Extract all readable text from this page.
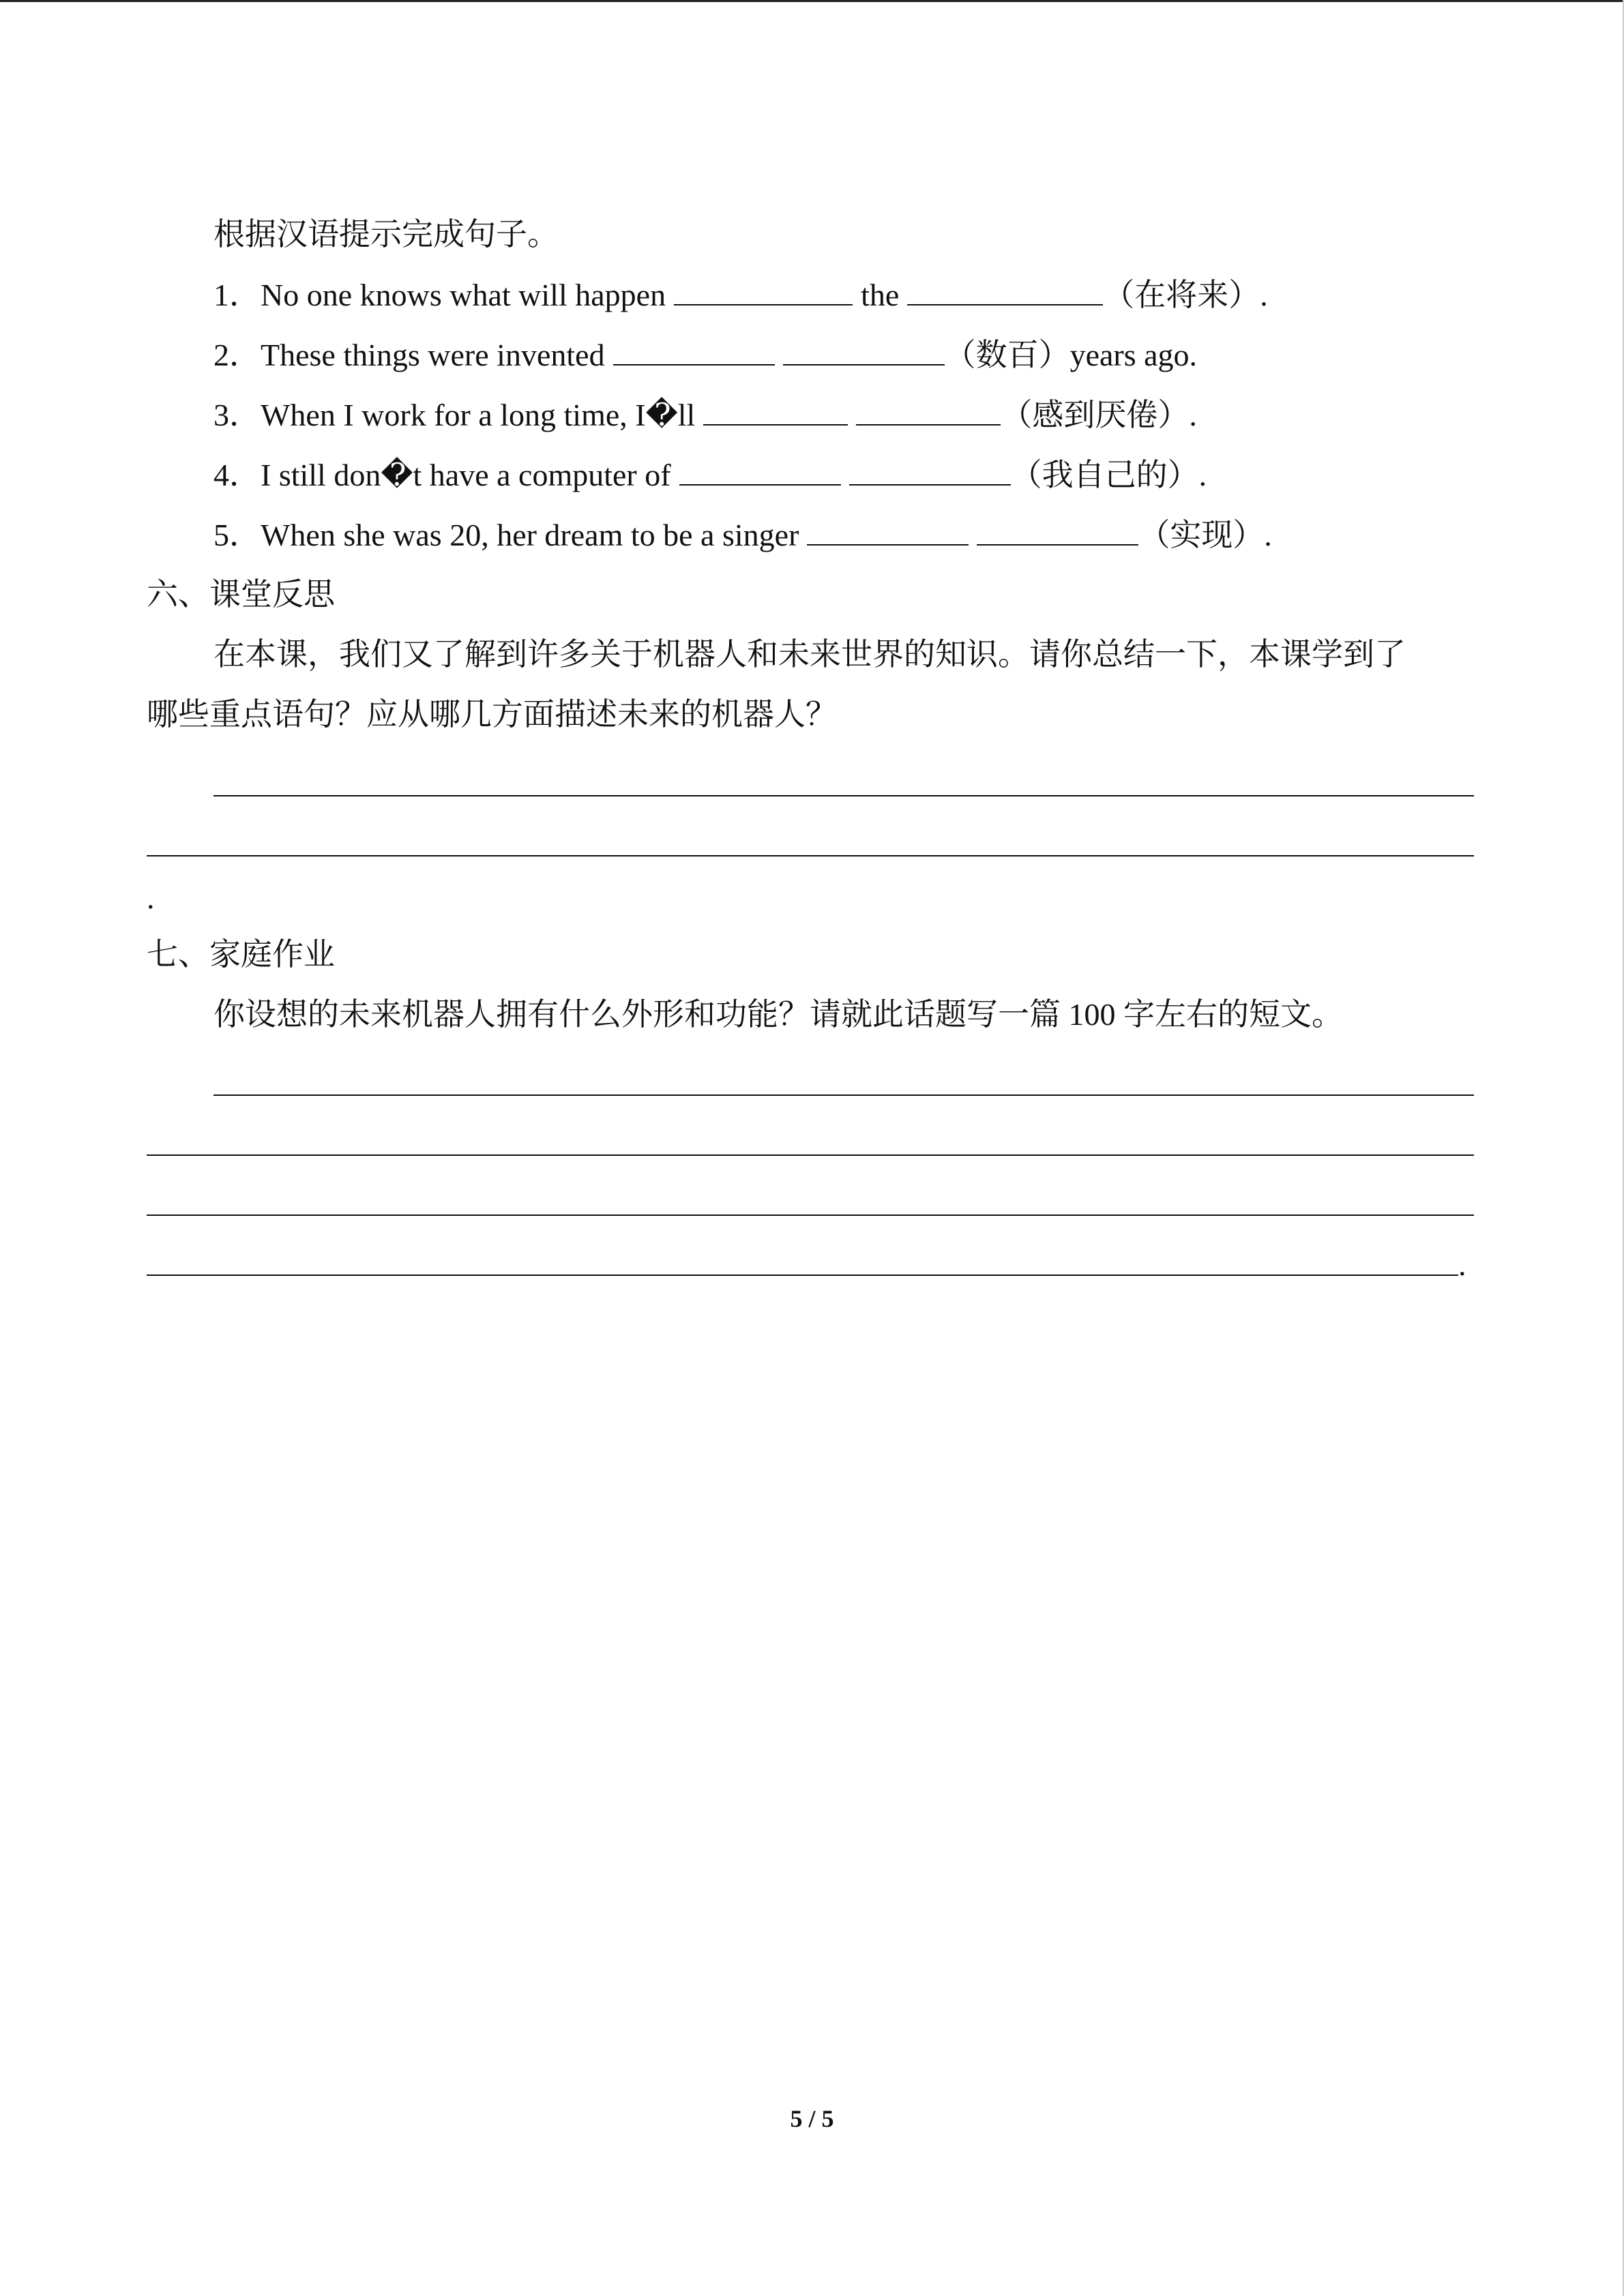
根据汉语提示完成句子。
1．No one knows what will happen	the	（在将来）.
2．These things were invented	（数百）years ago.
3．When I work for a long time, I�ll	（感到厌倦）.
4．I still don�t have a computer of	（我自己的）.
5．When she was 20, her dream to be a singer	（实现）.
六、课堂反思
在本课，我们又了解到许多关于机器人和未来世界的知识。请你总结一下，本课学到了
哪些重点语句？应从哪几方面描述未来的机器人？
.
七、家庭作业
你设想的未来机器人拥有什么外形和功能？请就此话题写一篇 100 字左右的短文。
.
5 / 5
